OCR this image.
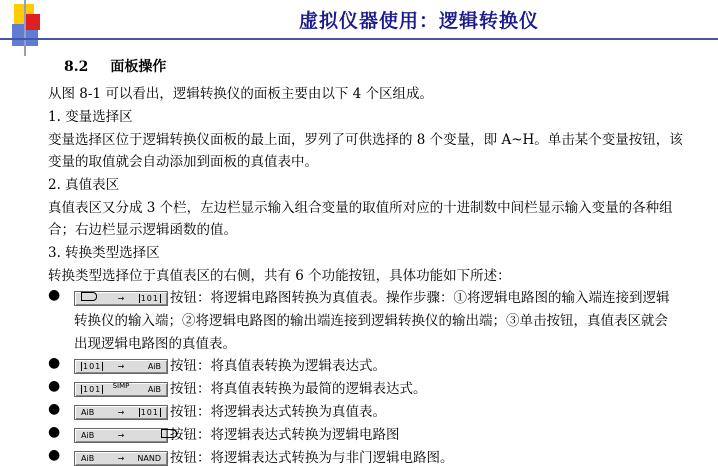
虚拟仪器使用：逻辑转换仪
8.2 面板操作
从图 8-1 可以看出，逻辑转换仪的面板主要由以下 4 个区组成。
1. 变量选择区
变量选择区位于逻辑转换仪面板的最上面，罗列了可供选择的 8 个变量，即 A~H。单击某个变量按钮，该
变量的取值就会自动添加到面板的真值表中。
2. 真值表区
真值表区又分成 3 个栏，左边栏显示输入组合变量的取值所对应的十进制数中间栏显示输入变量的各种组
合；右边栏显示逻辑函数的值。
3. 转换类型选择区
转换类型选择位于真值表区的右侧，共有 6 个功能按钮，具体功能如下所述：
●	→ 101 按钮：将逻辑电路图转换为真值表。操作步骤：①将逻辑电路图的输入端连接到逻辑
转换仪的输入端；②将逻辑电路图的输出端连接到逻辑转换仪的输出端；③单击按钮，真值表区就会
出现逻辑电路图的真值表。
●	101 →	AiB 按钮：将真值表转换为逻辑表达式。
●	101 SIMP AiB 按钮：将真值表转换为最简的逻辑表达式。
●	AiB	→ 101 按钮：将逻辑表达式转换为真值表。
●	AiB	→	按钮：将逻辑表达式转换为逻辑电路图
●	AiB	→ NAND 按钮：将逻辑表达式转换为与非门逻辑电路图。
